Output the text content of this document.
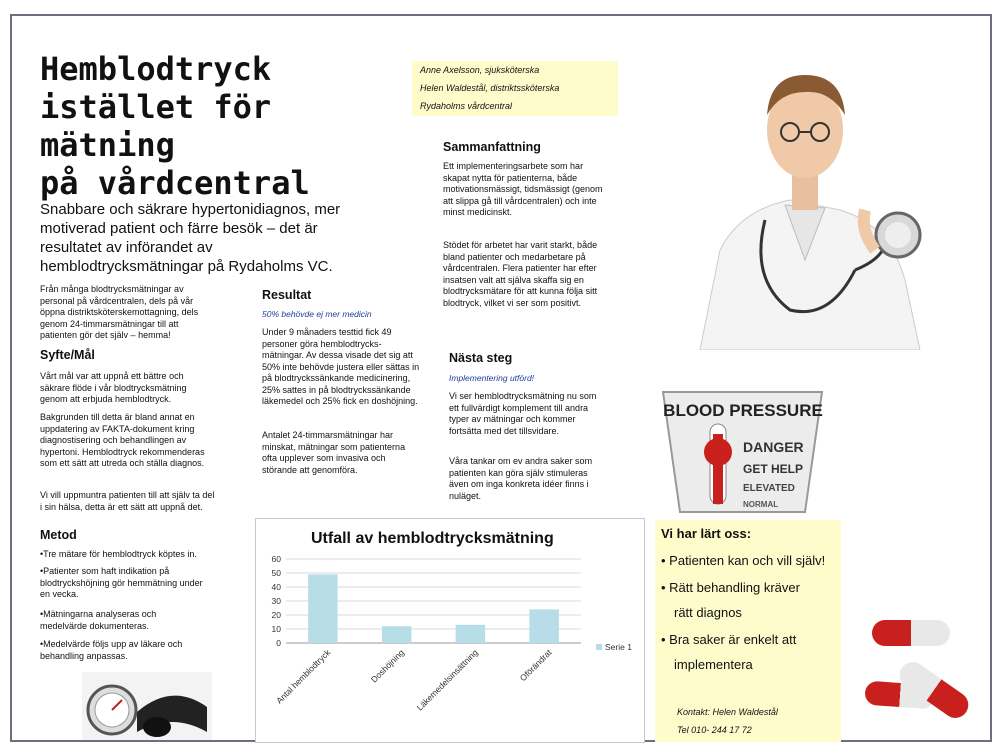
Hemblodtryck
istället för mätning
på vårdcentral
Snabbare och säkrare hypertonidiagnos, mer motiverad patient och färre besök – det är resultatet av införandet av hemblodtrycksmätningar på Rydaholms VC.
Från många blodtrycksmätningar av personal på vårdcentralen, dels på vår öppna distriktsköterskemottagning, dels genom 24-timmarsmätningar till att patienten gör det själv – hemma!
Syfte/Mål
Vårt mål var att uppnå ett bättre och säkrare flöde i vår blodtrycksmätning genom att erbjuda hemblodtryck.
Bakgrunden till detta är bland annat en uppdatering av FAKTA-dokument kring diagnostisering och behandlingen av hypertoni. Hemblodtryck rekommenderas som ett sätt att utreda och ställa diagnos.
Vi vill uppmuntra patienten till att själv ta del i sin hälsa, detta är ett sätt att uppnå det.
Metod
•Tre mätare för hemblodtryck köptes in.
•Patienter som haft indikation på blodtryckshöjning gör hemmätning under en vecka.
•Mätningarna analyseras och medelvärde dokumenteras.
•Medelvärde följs upp av läkare och behandling anpassas.
Resultat
50% behövde ej mer medicin
Under 9 månaders testtid fick 49 personer göra hemblodtrycks-mätningar. Av dessa visade det sig att 50% inte behövde justera eller sättas in på blodtryckssänkande medicinering, 25% sattes in på blodtryckssänkande läkemedel och 25% fick en doshöjning.
Antalet 24-timmarsmätningar har minskat, mätningar som patienterna ofta upplever som invasiva och störande att genomföra.
Anne Axelsson, sjuksköterska
Helen Waldestål, distriktssköterska
Rydaholms vårdcentral
Sammanfattning
Ett implementeringsarbete som har skapat nytta för patienterna, både motivationsmässigt, tidsmässigt (genom att slippa gå till vårdcentralen) och inte minst medicinskt.
Stödet för arbetet har varit starkt, både bland patienter och medarbetare på vårdcentralen. Flera patienter har efter insatsen valt att själva skaffa sig en blodtrycksmätare för att kunna följa sitt blodtryck, vilket vi ser som positivt.
Nästa steg
Implementering utförd!
Vi ser hemblodtrycksmätning nu som ett fullvärdigt komplement till andra typer av mätningar och kommer fortsätta med det tillsvidare.
Våra tankar om ev andra saker som patienten kan göra själv stimuleras även om inga konkreta idéer finns i nuläget.
BLOOD PRESSURE
DANGER
GET HELP
ELEVATED
NORMAL
Utfall av hemblodtrycksmätning
0
10
20
30
40
50
60
Antal hemblodtryck	Doshöjning Läkemedelsinsättning	Oförändrat
Serie 1
Vi har lärt oss:
• Patienten kan och vill själv!
• Rätt behandling kräver
rätt diagnos
• Bra saker är enkelt att
implementera
Kontakt: Helen Waldestål
Tel 010- 244 17 72
